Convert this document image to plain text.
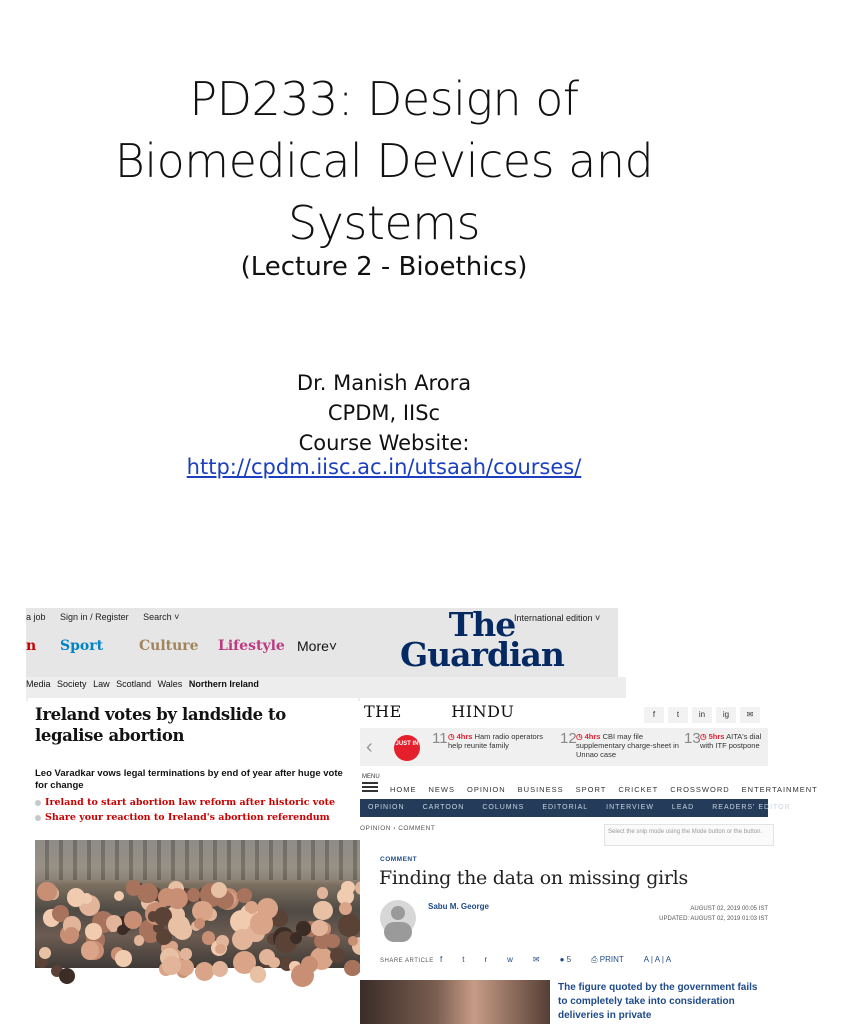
PD233: Design of
Biomedical Devices and
Systems
(Lecture 2 - Bioethics)
Dr. Manish Arora
CPDM, IISc
Course Website:
http://cpdm.iisc.ac.in/utsaah/courses/
a job Sign in / Register Search ˅	International edition ˅
n Sport	Culture Lifestyle More˅
The
Guardian
Media Society Law Scotland Wales Northern Ireland
Ireland votes by landslide to legalise abortion
Leo Varadkar vows legal terminations by end of year after huge vote for change
Ireland to start abortion law reform after historic vote
Share your reaction to Ireland's abortion referendum
THE   HINDU	f	t in ig ✉
‹	JUST IN 11 ◷ 4hrs Ham radio operators help reunite family	12 ◷ 4hrs CBI may file supplementary charge-sheet in Unnao case
13 ◷ 5hrs AITA's dial with ITF postpone
MENU
HOME NEWS OPINION BUSINESS SPORT CRICKET CROSSWORD ENTERTAINMENT
OPINION	CARTOON	COLUMNS	EDITORIAL	INTERVIEW	LEAD	READERS' EDITOR	COMM
OPINION › COMMENT	Select the snip mode using the Mode button or the button.
COMMENT
Finding the data on missing girls
Sabu M. George	AUGUST 02, 2019 00:05 IST
UPDATED: AUGUST 02, 2019 01:03 IST
SHARE ARTICLE f	t	r	w	✉	● 5	⎙ PRINT	A | A | A
The figure quoted by the government fails to completely take into consideration deliveries in private
